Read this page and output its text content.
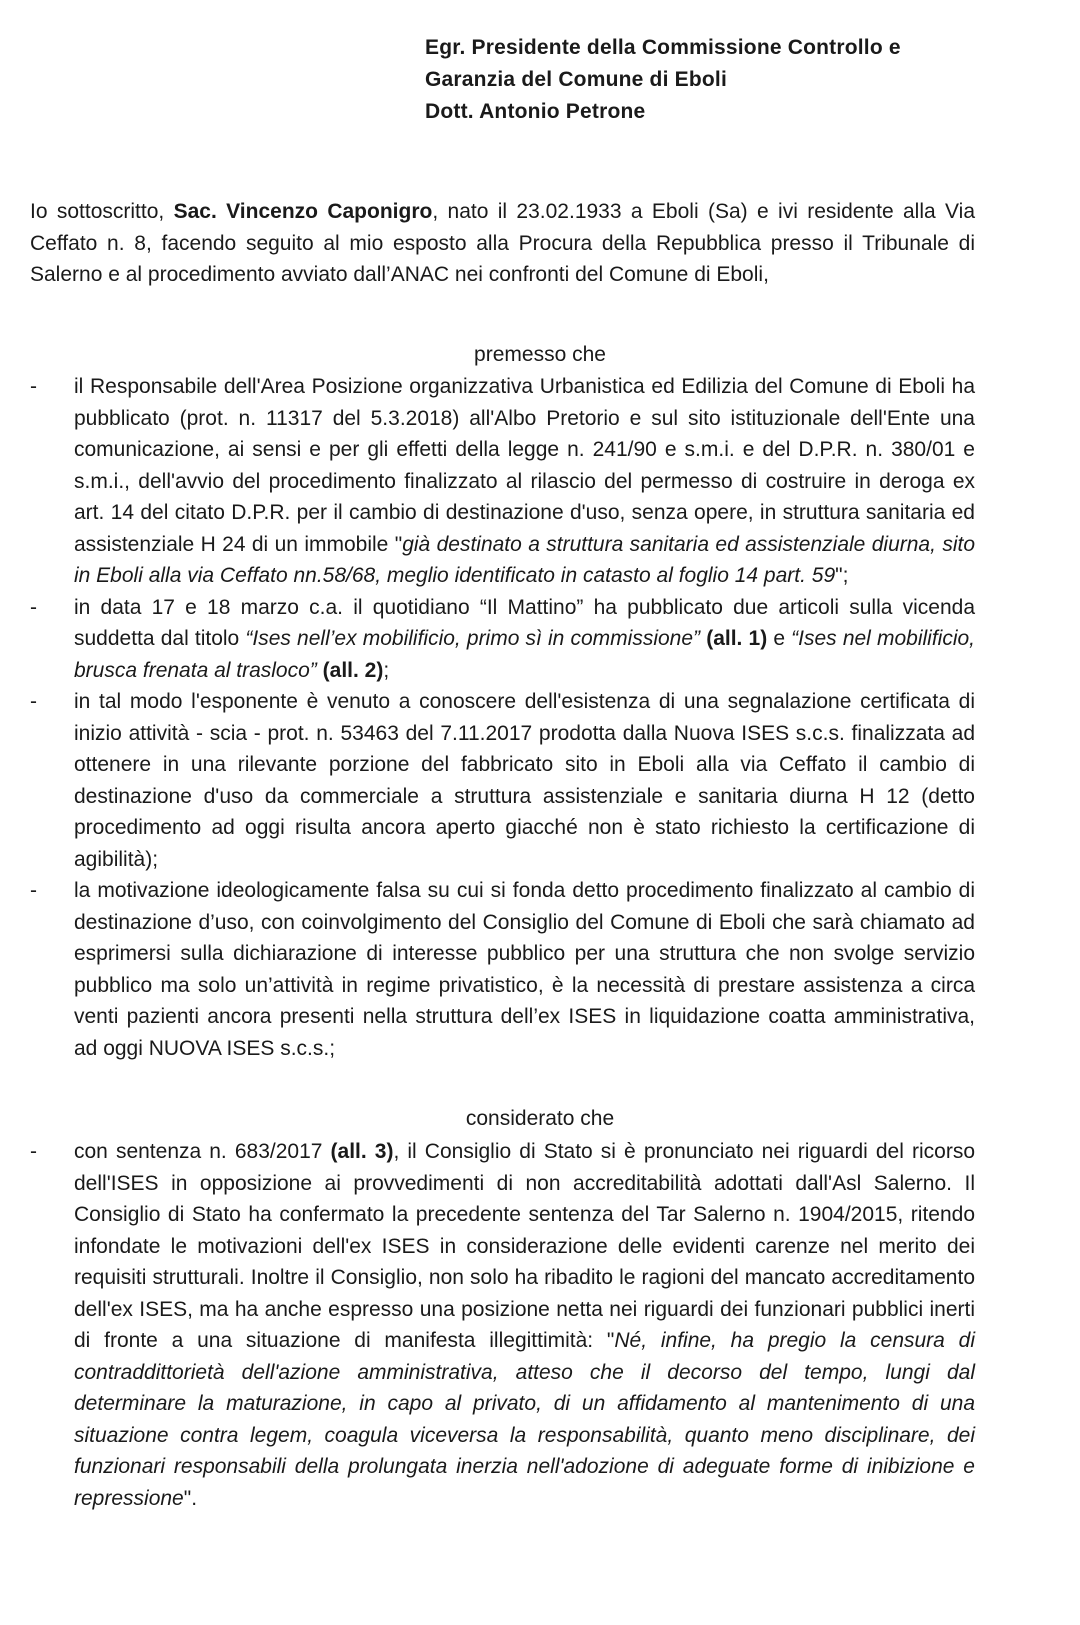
Egr. Presidente della Commissione Controllo e
Garanzia del Comune di Eboli
Dott. Antonio Petrone

Io sottoscritto, Sac. Vincenzo Caponigro, nato il 23.02.1933 a Eboli (Sa) e ivi residente alla Via Ceffato n. 8, facendo seguito al mio esposto alla Procura della Repubblica presso il Tribunale di Salerno e al procedimento avviato dall’ANAC nei confronti del Comune di Eboli,

premesso che
- il Responsabile dell'Area Posizione organizzativa Urbanistica ed Edilizia del Comune di Eboli ha pubblicato (prot. n. 11317 del 5.3.2018) all'Albo Pretorio e sul sito istituzionale dell'Ente una comunicazione, ai sensi e per gli effetti della legge n. 241/90 e s.m.i. e del D.P.R. n. 380/01 e s.m.i., dell'avvio del procedimento finalizzato al rilascio del permesso di costruire in deroga ex art. 14 del citato D.P.R. per il cambio di destinazione d'uso, senza opere, in struttura sanitaria ed assistenziale H 24 di un immobile "già destinato a struttura sanitaria ed assistenziale diurna, sito in Eboli alla via Ceffato nn.58/68, meglio identificato in catasto al foglio 14 part. 59";
- in data 17 e 18 marzo c.a. il quotidiano “Il Mattino” ha pubblicato due articoli sulla vicenda suddetta dal titolo “Ises nell’ex mobilificio, primo sì in commissione” (all. 1) e “Ises nel mobilificio, brusca frenata al trasloco” (all. 2);
- in tal modo l'esponente è venuto a conoscere dell'esistenza di una segnalazione certificata di inizio attività - scia - prot. n. 53463 del 7.11.2017 prodotta dalla Nuova ISES s.c.s. finalizzata ad ottenere in una rilevante porzione del fabbricato sito in Eboli alla via Ceffato il cambio di destinazione d'uso da commerciale a struttura assistenziale e sanitaria diurna H 12 (detto procedimento ad oggi risulta ancora aperto giacché non è stato richiesto la certificazione di agibilità);
- la motivazione ideologicamente falsa su cui si fonda detto procedimento finalizzato al cambio di destinazione d’uso, con coinvolgimento del Consiglio del Comune di Eboli che sarà chiamato ad esprimersi sulla dichiarazione di interesse pubblico per una struttura che non svolge servizio pubblico ma solo un’attività in regime privatistico, è la necessità di prestare assistenza a circa venti pazienti ancora presenti nella struttura dell’ex ISES in liquidazione coatta amministrativa, ad oggi NUOVA ISES s.c.s.;
considerato che
- con sentenza n. 683/2017 (all. 3), il Consiglio di Stato si è pronunciato nei riguardi del ricorso dell'ISES in opposizione ai provvedimenti di non accreditabilità adottati dall'Asl Salerno. Il Consiglio di Stato ha confermato la precedente sentenza del Tar Salerno n. 1904/2015, ritendo infondate le motivazioni dell'ex ISES in considerazione delle evidenti carenze nel merito dei requisiti strutturali. Inoltre il Consiglio, non solo ha ribadito le ragioni del mancato accreditamento dell'ex ISES, ma ha anche espresso una posizione netta nei riguardi dei funzionari pubblici inerti di fronte a una situazione di manifesta illegittimità: "Né, infine, ha pregio la censura di contraddittorietà dell'azione amministrativa, atteso che il decorso del tempo, lungi dal determinare la maturazione, in capo al privato, di un affidamento al mantenimento di una situazione contra legem, coagula viceversa la responsabilità, quanto meno disciplinare, dei funzionari responsabili della prolungata inerzia nell'adozione di adeguate forme di inibizione e repressione".
